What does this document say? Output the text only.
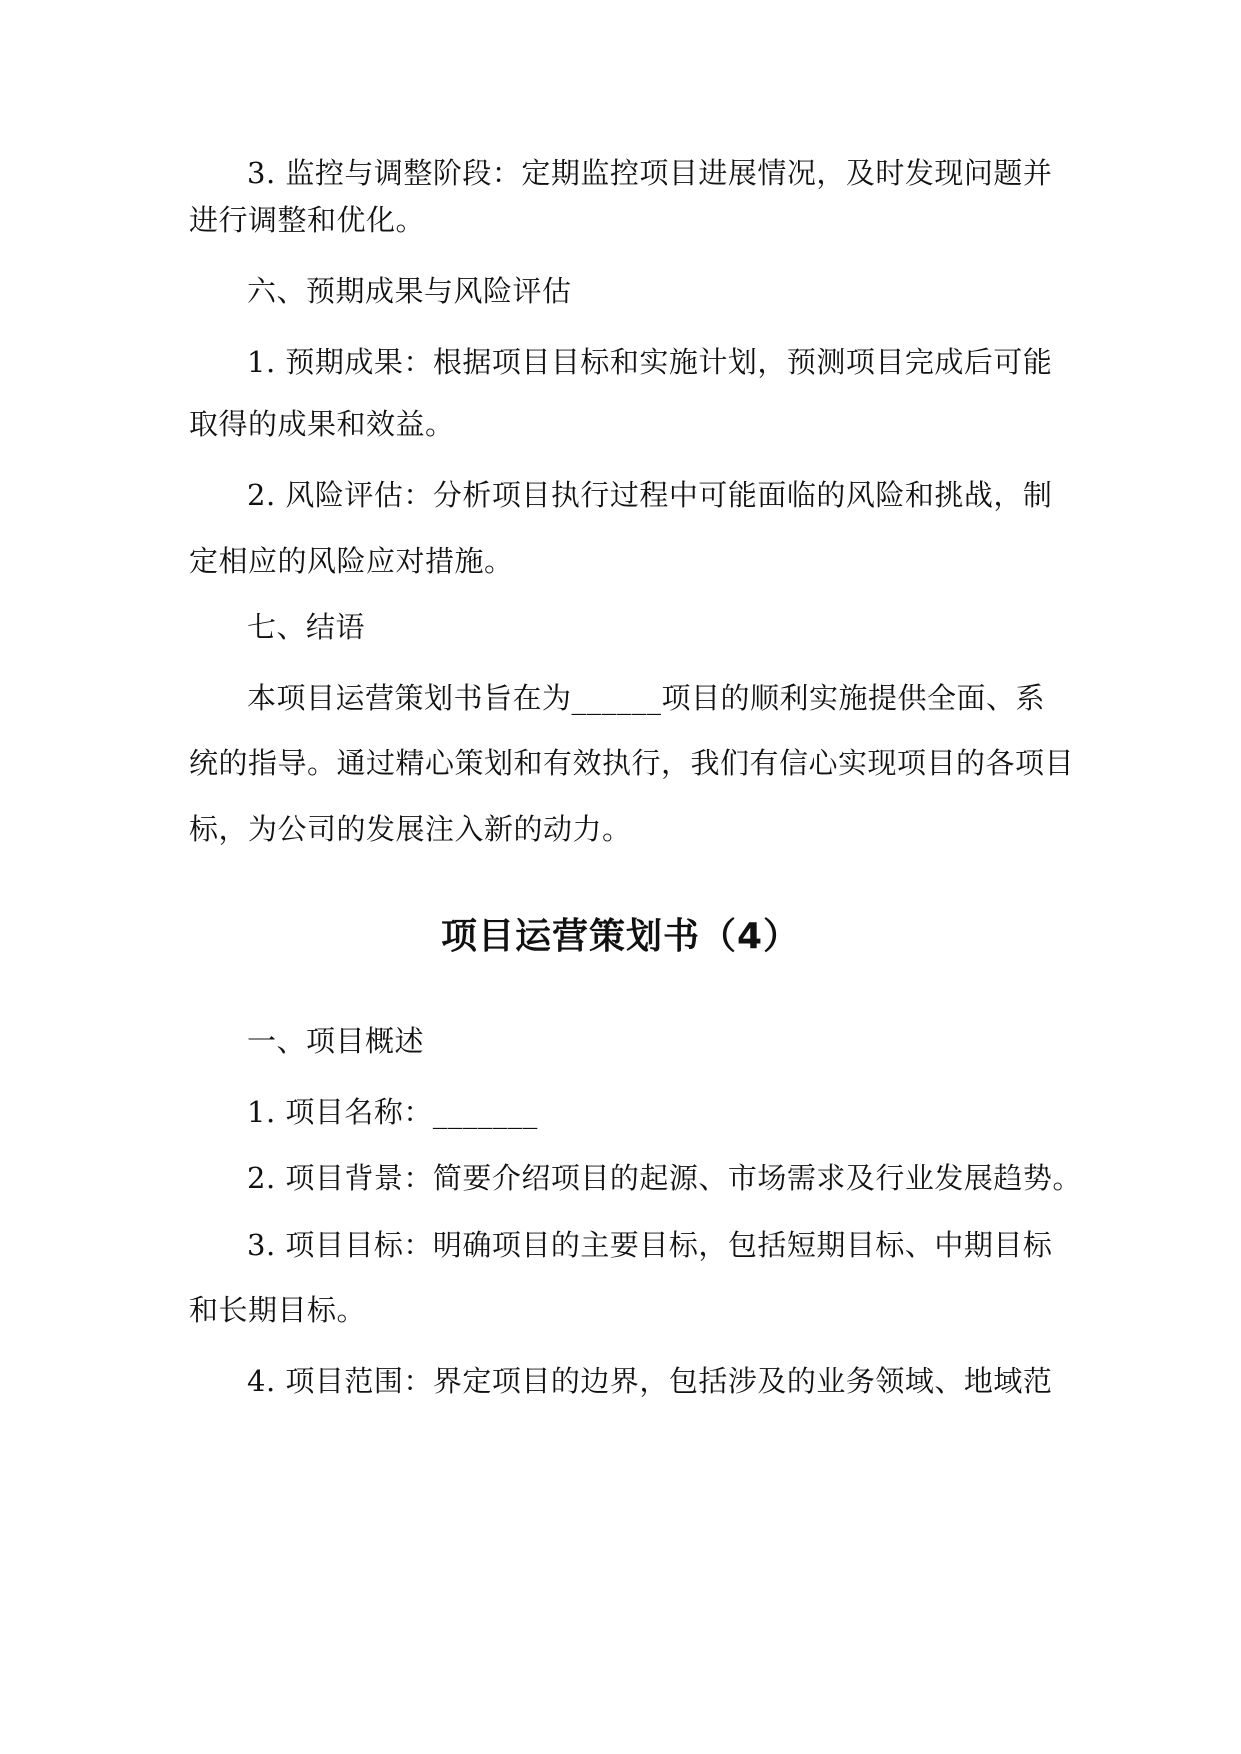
3. 监控与调整阶段：定期监控项目进展情况，及时发现问题并
进行调整和优化。
六、预期成果与风险评估
1. 预期成果：根据项目目标和实施计划，预测项目完成后可能
取得的成果和效益。
2. 风险评估：分析项目执行过程中可能面临的风险和挑战，制
定相应的风险应对措施。
七、结语
本项目运营策划书旨在为______项目的顺利实施提供全面、系
统的指导。通过精心策划和有效执行，我们有信心实现项目的各项目
标，为公司的发展注入新的动力。
项目运营策划书（4）
一、项目概述
1. 项目名称：_______
2. 项目背景：简要介绍项目的起源、市场需求及行业发展趋势。
3. 项目目标：明确项目的主要目标，包括短期目标、中期目标
和长期目标。
4. 项目范围：界定项目的边界，包括涉及的业务领域、地域范
